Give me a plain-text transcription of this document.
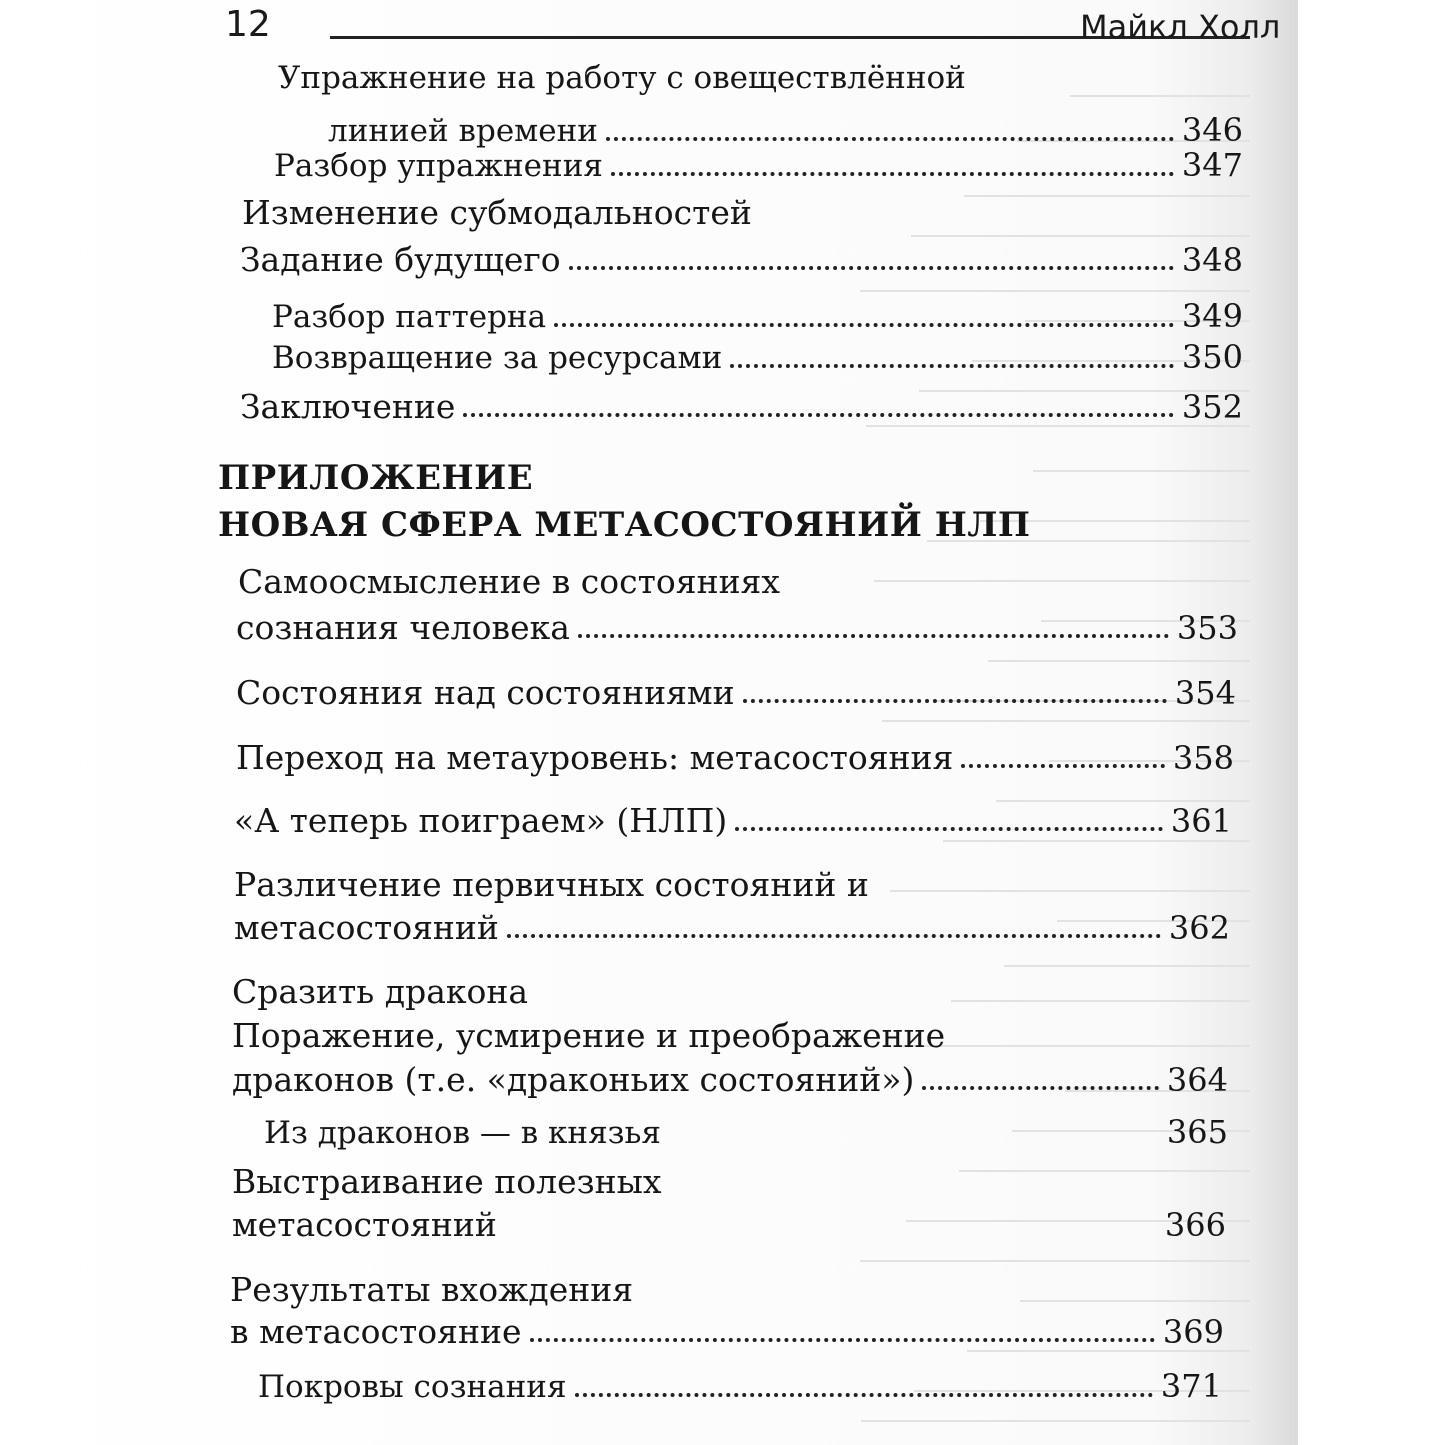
12	Майкл Холл
Упражнение на работу с овеществлённой
линией времени	346
Разбор упражнения	347
Изменение субмодальностей
Задание будущего	348
Разбор паттерна	349
Возвращение за ресурсами	350
Заключение	352
ПРИЛОЖЕНИЕ
НОВАЯ СФЕРА МЕТАСОСТОЯНИЙ НЛП
Самоосмысление в состояниях
сознания человека	353
Состояния над состояниями	354
Переход на метауровень: метасостояния	358
«А теперь поиграем» (НЛП)	361
Различение первичных состояний и
метасостояний	362
Сразить дракона
Поражение, усмирение и преображение
драконов (т.е. «драконьих состояний»)	364
Из драконов — в князья	365
Выстраивание полезных
метасостояний	366
Результаты вхождения
в метасостояние	369
Покровы сознания	371
